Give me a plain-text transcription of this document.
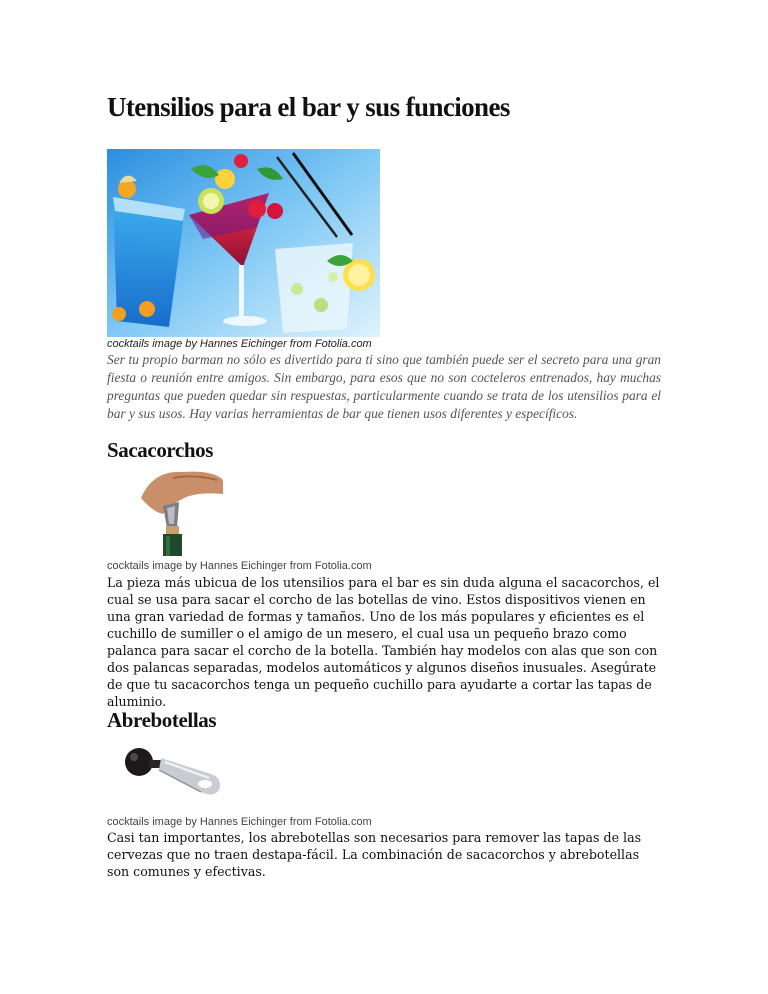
Utensilios para el bar y sus funciones
cocktails image by Hannes Eichinger from Fotolia.com

Ser tu propio barman no sólo es divertido para ti sino que también puede ser el secreto para una gran fiesta o reunión entre amigos. Sin embargo, para esos que no son cocteleros entrenados, hay muchas preguntas que pueden quedar sin respuestas, particularmente cuando se trata de los utensilios para el bar y sus usos. Hay varias herramientas de bar que tienen usos diferentes y específicos.

Sacacorchos
cocktails image by Hannes Eichinger from Fotolia.com

La pieza más ubicua de los utensilios para el bar es sin duda alguna el sacacorchos, el cual se usa para sacar el corcho de las botellas de vino. Estos dispositivos vienen en una gran variedad de formas y tamaños. Uno de los más populares y eficientes es el cuchillo de sumiller o el amigo de un mesero, el cual usa un pequeño brazo como palanca para sacar el corcho de la botella. También hay modelos con alas que son con dos palancas separadas, modelos automáticos y algunos diseños inusuales. Asegúrate de que tu sacacorchos tenga un pequeño cuchillo para ayudarte a cortar las tapas de aluminio.

Abrebotellas
cocktails image by Hannes Eichinger from Fotolia.com

Casi tan importantes, los abrebotellas son necesarios para remover las tapas de las cervezas que no traen destapa-fácil. La combinación de sacacorchos y abrebotellas son comunes y efectivas.
